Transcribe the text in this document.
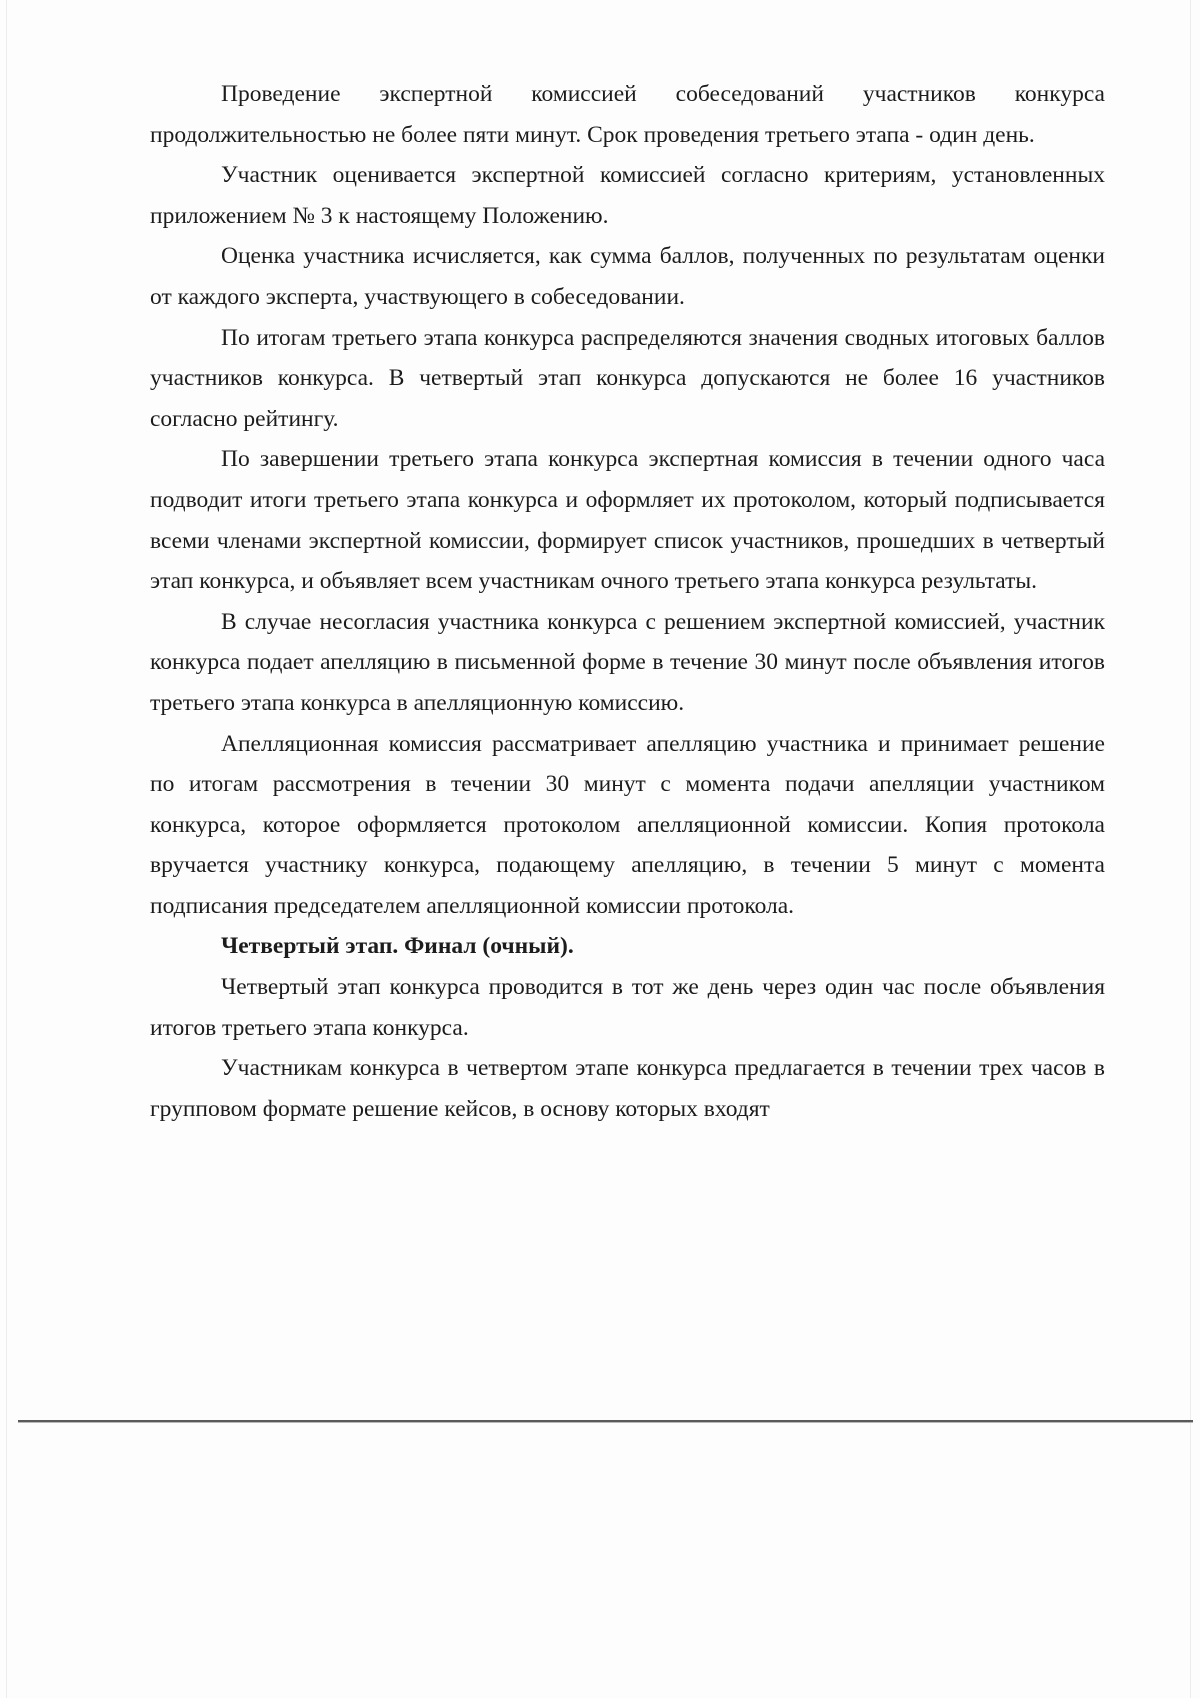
Проведение экспертной комиссией собеседований участников конкурса продолжительностью не более пяти минут. Срок проведения третьего этапа - один день.

Участник оценивается экспертной комиссией согласно критериям, установленных приложением № 3 к настоящему Положению.

Оценка участника исчисляется, как сумма баллов, полученных по результатам оценки от каждого эксперта, участвующего в собеседовании.

По итогам третьего этапа конкурса распределяются значения сводных итоговых баллов участников конкурса. В четвертый этап конкурса допускаются не более 16 участников согласно рейтингу.

По завершении третьего этапа конкурса экспертная комиссия в течении одного часа подводит итоги третьего этапа конкурса и оформляет их протоколом, который подписывается всеми членами экспертной комиссии, формирует список участников, прошедших в четвертый этап конкурса, и объявляет всем участникам очного третьего этапа конкурса результаты.

В случае несогласия участника конкурса с решением экспертной комиссией, участник конкурса подает апелляцию в письменной форме в течение 30 минут после объявления итогов третьего этапа конкурса в апелляционную комиссию.

Апелляционная комиссия рассматривает апелляцию участника и принимает решение по итогам рассмотрения в течении 30 минут с момента подачи апелляции участником конкурса, которое оформляется протоколом апелляционной комиссии. Копия протокола вручается участнику конкурса, подающему апелляцию, в течении 5 минут с момента подписания председателем апелляционной комиссии протокола.

Четвертый этап. Финал (очный).

Четвертый этап конкурса проводится в тот же день через один час после объявления итогов третьего этапа конкурса.

Участникам конкурса в четвертом этапе конкурса предлагается в течении трех часов в групповом формате решение кейсов, в основу которых входят
